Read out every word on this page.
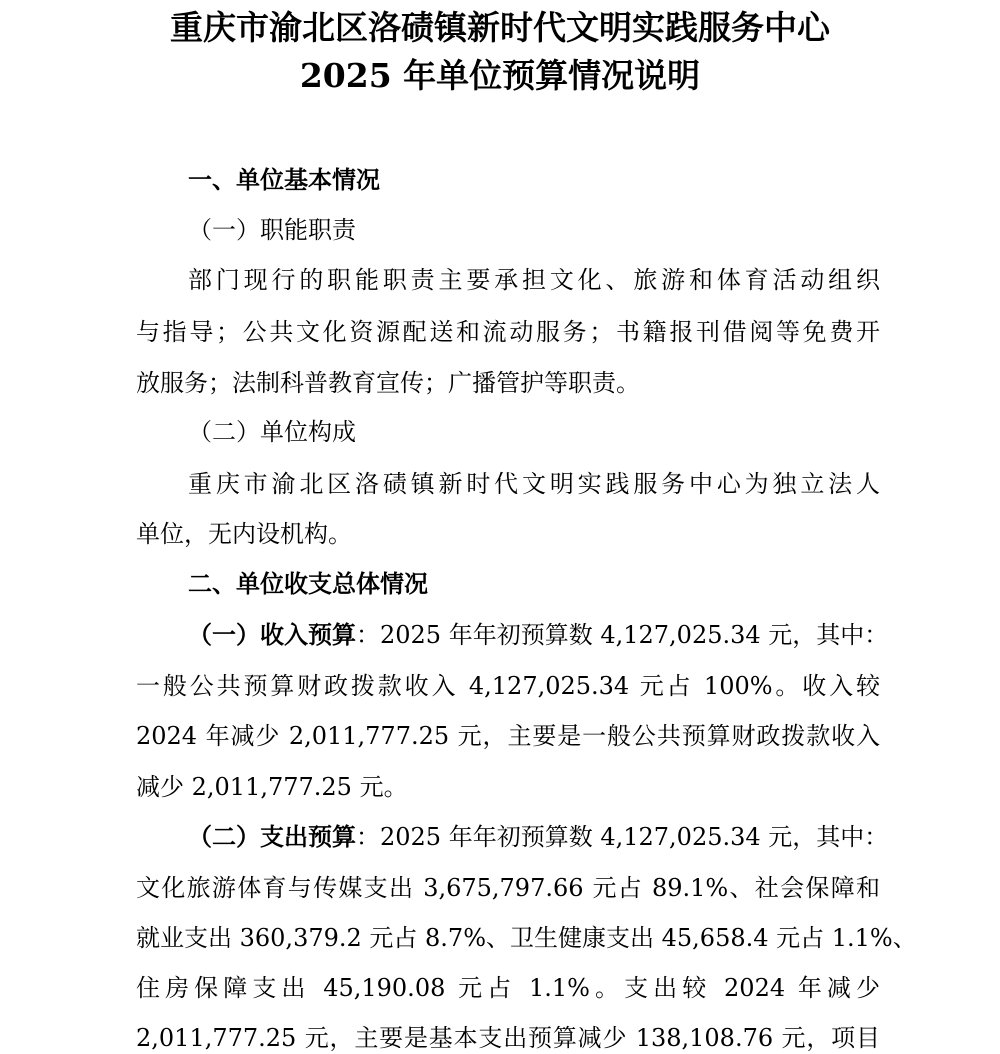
重庆市渝北区洛碛镇新时代文明实践服务中心
2025 年单位预算情况说明
一、单位基本情况
（一）职能职责
部门现行的职能职责主要承担文化、旅游和体育活动组织
与指导；公共文化资源配送和流动服务；书籍报刊借阅等免费开
放服务；法制科普教育宣传；广播管护等职责。
（二）单位构成
重庆市渝北区洛碛镇新时代文明实践服务中心为独立法人
单位，无内设机构。
二、单位收支总体情况
（一）收入预算 ：2025 年年初预算数 4,127,025.34 元，其中：
一般公共预算财政拨款收入 4,127,025.34 元占 100%。收入较
2024 年减少 2,011,777.25 元，主要是一般公共预算财政拨款收入
减少 2,011,777.25 元。
（二）支出预算 ：2025 年年初预算数 4,127,025.34 元，其中：
文化旅游体育与传媒支出 3,675,797.66 元占 89.1%、社会保障和
就业支出 360,379.2 元占 8.7%、卫生健康支出 45,658.4 元占 1.1%、
住房保障支出 45,190.08 元占 1.1%。支出较 2024 年减少
2,011,777.25 元，主要是基本支出预算减少 138,108.76 元，项目
